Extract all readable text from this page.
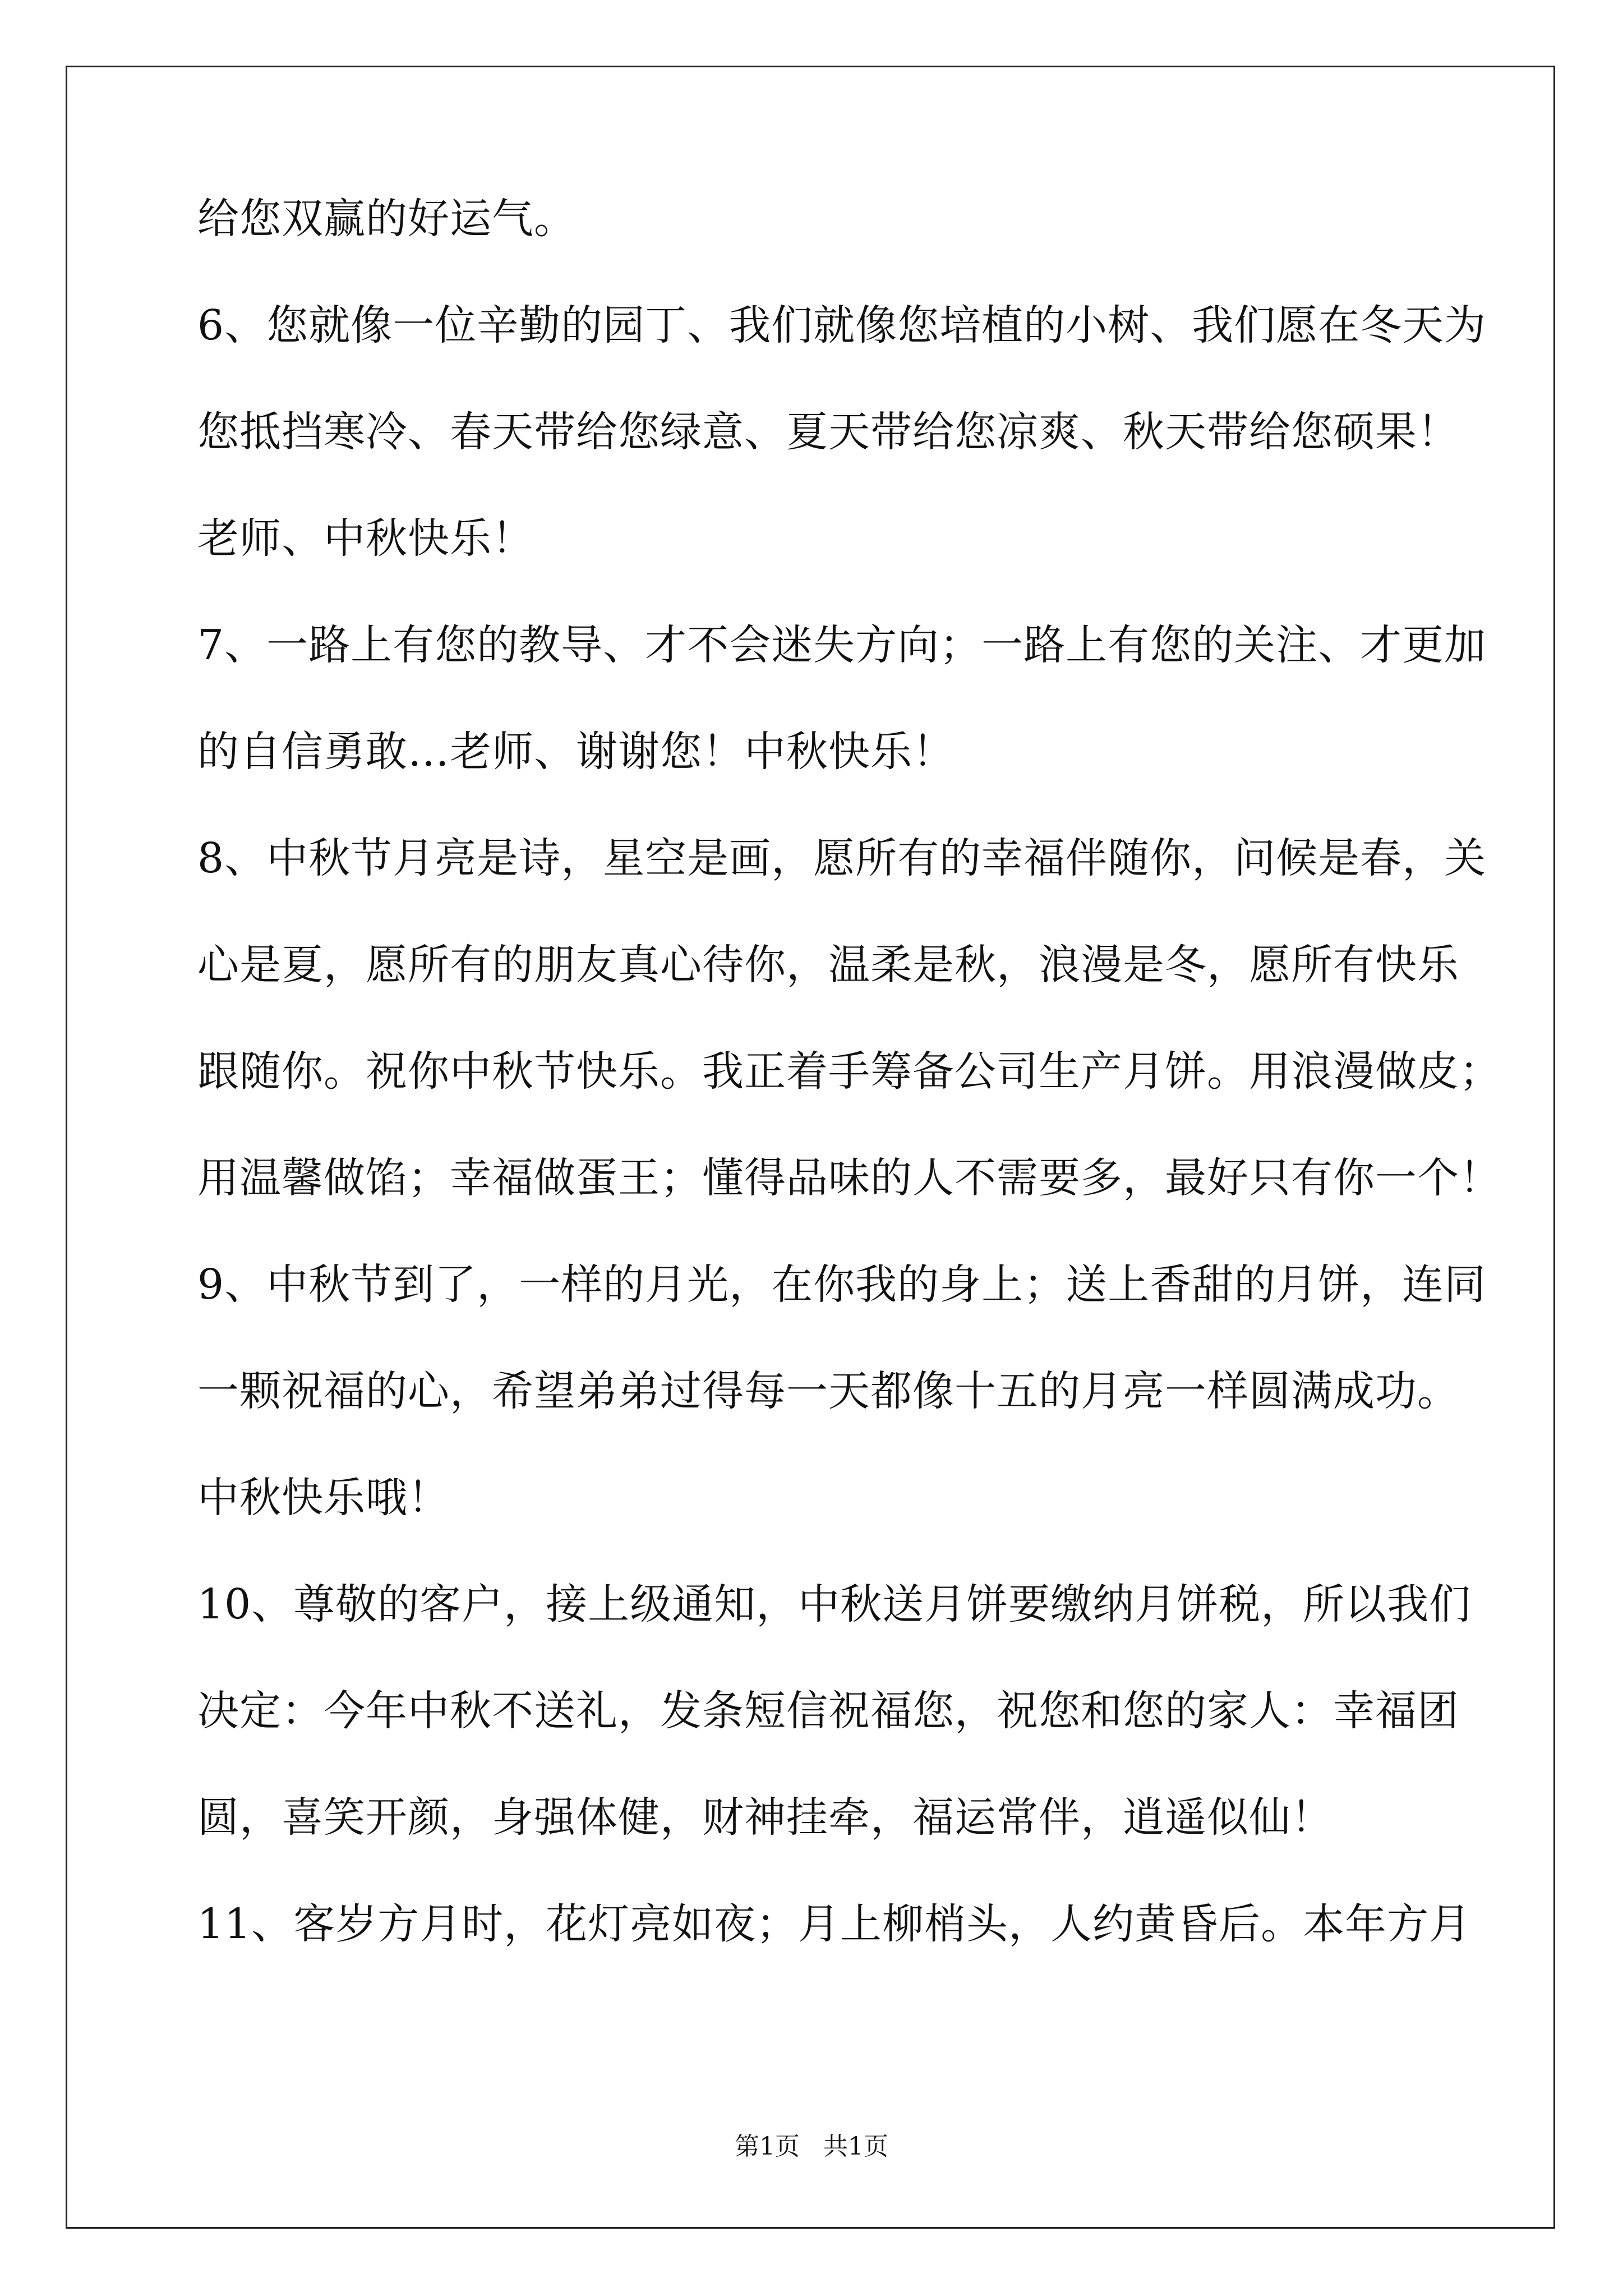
给您双赢的好运气。
6、您就像一位辛勤的园丁、我们就像您培植的小树、我们愿在冬天为
您抵挡寒冷、春天带给您绿意、夏天带给您凉爽、秋天带给您硕果！
老师、中秋快乐！
7、一路上有您的教导、才不会迷失方向；一路上有您的关注、才更加
的自信勇敢…老师、谢谢您！中秋快乐！
8、中秋节月亮是诗，星空是画，愿所有的幸福伴随你，问候是春，关
心是夏，愿所有的朋友真心待你，温柔是秋，浪漫是冬，愿所有快乐
跟随你。祝你中秋节快乐。我正着手筹备公司生产月饼。用浪漫做皮；
用温馨做馅；幸福做蛋王；懂得品味的人不需要多，最好只有你一个！
9、中秋节到了，一样的月光，在你我的身上；送上香甜的月饼，连同
一颗祝福的心，希望弟弟过得每一天都像十五的月亮一样圆满成功。
中秋快乐哦！
10、尊敬的客户，接上级通知，中秋送月饼要缴纳月饼税，所以我们
决定：今年中秋不送礼，发条短信祝福您，祝您和您的家人：幸福团
圆，喜笑开颜，身强体健，财神挂牵，福运常伴，逍遥似仙！
11、客岁方月时，花灯亮如夜；月上柳梢头，人约黄昏后。本年方月
第1页   共1页
